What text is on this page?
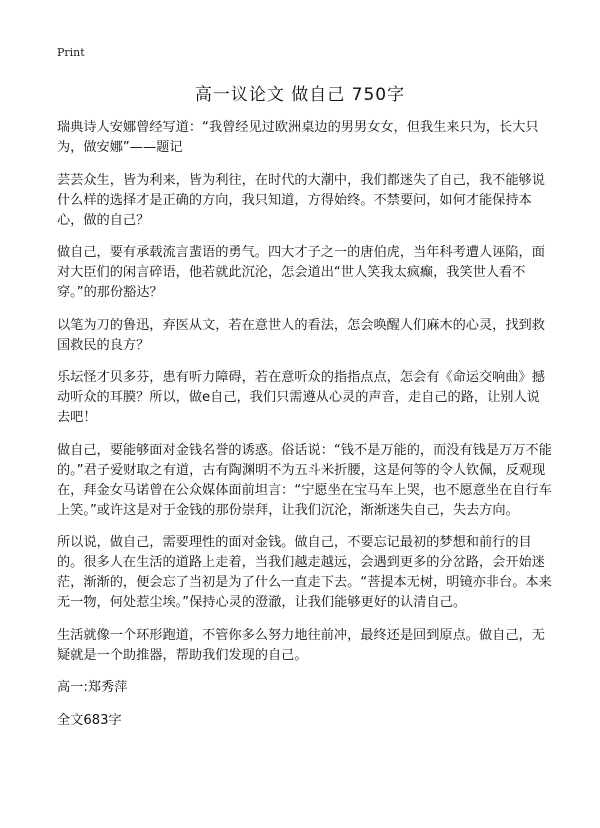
Print
高一议论文 做自己 750字

瑞典诗人安娜曾经写道：“我曾经见过欧洲桌边的男男女女，但我生来只为，长大只为，做安娜”——题记

芸芸众生，皆为利来，皆为利往，在时代的大潮中，我们都迷失了自己，我不能够说什么样的选择才是正确的方向，我只知道，方得始终。不禁要问，如何才能保持本心，做的自己？

做自己，要有承载流言蜚语的勇气。四大才子之一的唐伯虎，当年科考遭人诬陷，面对大臣们的闲言碎语，他若就此沉沦，怎会道出“世人笑我太疯癫，我笑世人看不穿。”的那份豁达？

以笔为刀的鲁迅，弃医从文，若在意世人的看法，怎会唤醒人们麻木的心灵，找到救国救民的良方？

乐坛怪才贝多芬，患有听力障碍，若在意听众的指指点点，怎会有《命运交响曲》撼动听众的耳膜？所以，做e自己，我们只需遵从心灵的声音，走自己的路，让别人说去吧！

做自己，要能够面对金钱名誉的诱惑。俗话说：“钱不是万能的，而没有钱是万万不能的。”君子爱财取之有道，古有陶渊明不为五斗米折腰，这是何等的令人钦佩，反观现在，拜金女马诺曾在公众媒体面前坦言：“宁愿坐在宝马车上哭，也不愿意坐在自行车上笑。”或许这是对于金钱的那份崇拜，让我们沉沦，渐渐迷失自己，失去方向。

所以说，做自己，需要理性的面对金钱。做自己，不要忘记最初的梦想和前行的目的。很多人在生活的道路上走着，当我们越走越远，会遇到更多的分岔路，会开始迷茫，渐渐的，便会忘了当初是为了什么一直走下去。“菩提本无树，明镜亦非台。本来无一物，何处惹尘埃。”保持心灵的澄澈，让我们能够更好的认清自己。

生活就像一个环形跑道，不管你多么努力地往前冲，最终还是回到原点。做自己，无疑就是一个助推器，帮助我们发现的自己。

高一:郑秀萍

全文683字
